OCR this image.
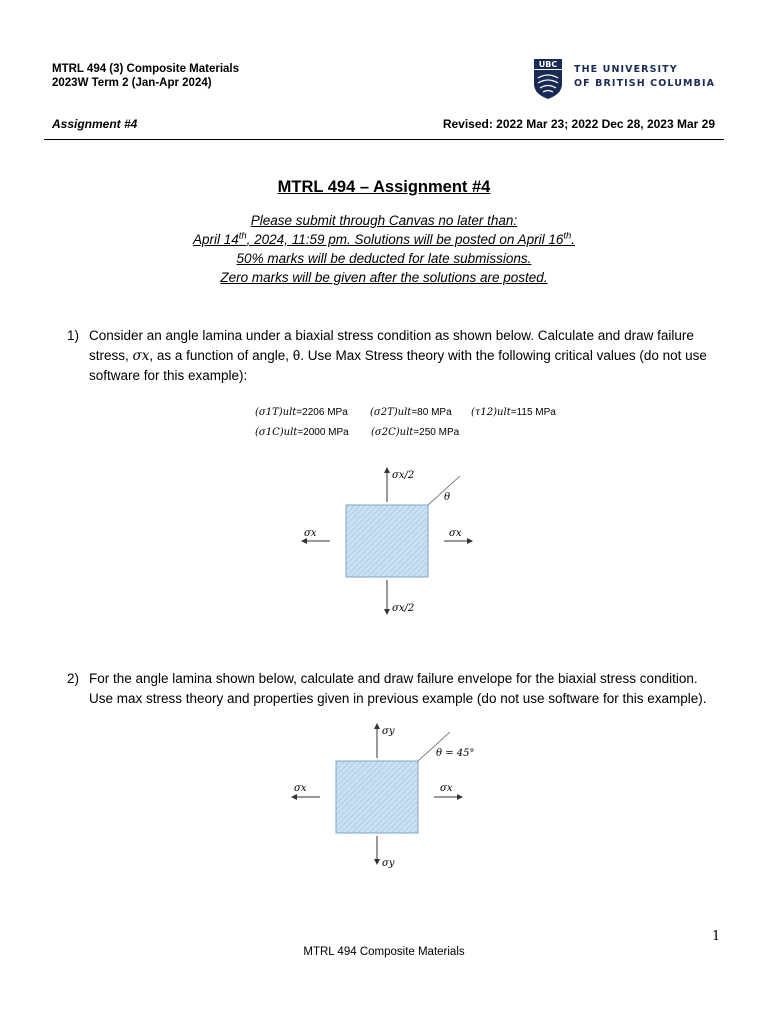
MTRL 494 (3) Composite Materials
2023W Term 2 (Jan-Apr 2024)
UBC THE UNIVERSITY
OF BRITISH COLUMBIA
Assignment #4	Revised: 2022 Mar 23; 2022 Dec 28, 2023 Mar 29
MTRL 494 – Assignment #4
Please submit through Canvas no later than:
April 14th, 2024, 11:59 pm. Solutions will be posted on April 16th.
50% marks will be deducted for late submissions.
Zero marks will be given after the solutions are posted.
1) Consider an angle lamina under a biaxial stress condition as shown below. Calculate and draw failure
stress, σx, as a function of angle, θ. Use Max Stress theory with the following critical values (do not use
software for this example):
(σ1T)ult=2206 MPa (σ2T)ult=80 MPa (τ12)ult=115 MPa
(σ1C)ult=2000 MPa (σ2C)ult=250 MPa
σx/2
σx/2
σx	σx
θ
2) For the angle lamina shown below, calculate and draw failure envelope for the biaxial stress condition.
Use max stress theory and properties given in previous example (do not use software for this example).
σy
σy
σx	σx
θ = 45°
1
MTRL 494 Composite Materials
